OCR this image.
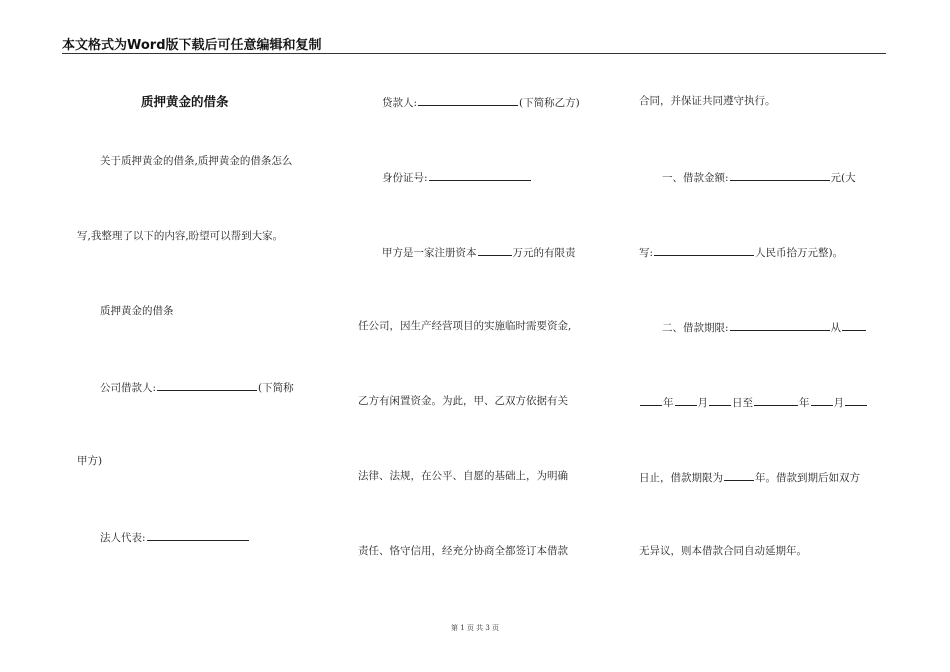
本文格式为Word版下载后可任意编辑和复制
质押黄金的借条
关于质押黄金的借条,质押黄金的借条怎么
写,我整理了以下的内容,盼望可以帮到大家。
质押黄金的借条
公司借款人:	(下简称
甲方)
法人代表:
贷款人:	(下简称乙方)
身份证号:
甲方是一家注册资本	万元的有限责
任公司，因生产经营项目的实施临时需要资金,
乙方有闲置资金。为此，甲、乙双方依据有关
法律、法规，在公平、自愿的基础上，为明确
责任、恪守信用，经充分协商全都签订本借款
合同，并保证共同遵守执行。
一、借款金额:	元(大
写:	人民币拾万元整)。
二、借款期限:	从
年 月 日至	年 月
日止，借款期限为	年。借款到期后如双方
无异议，则本借款合同自动延期年。
第 1 页 共 3 页
